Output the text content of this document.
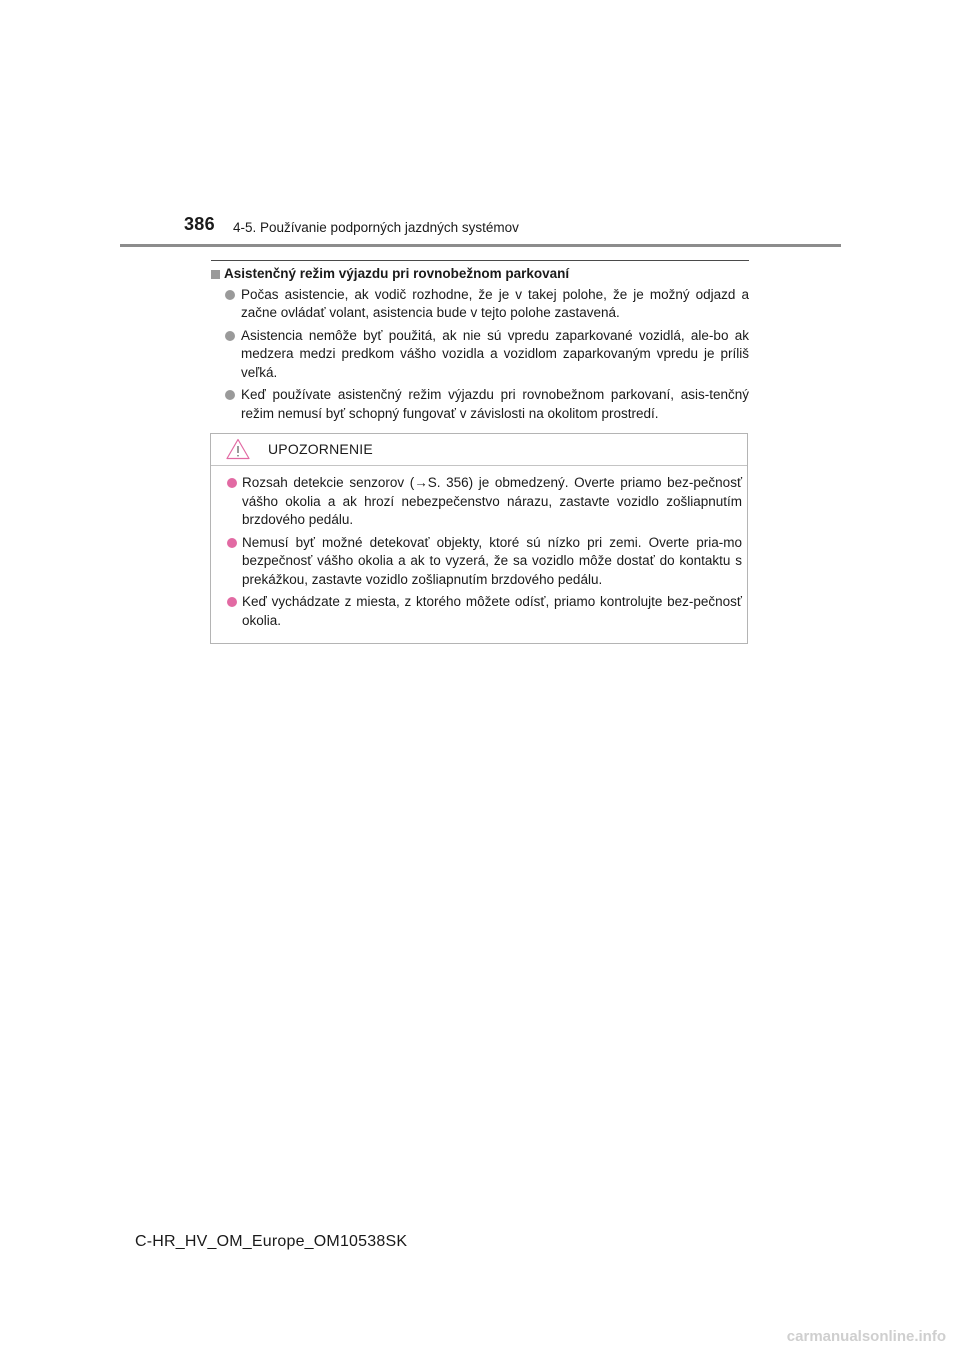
386 4-5. Používanie podporných jazdných systémov
Asistenčný režim výjazdu pri rovnobežnom parkovaní
Počas asistencie, ak vodič rozhodne, že je v takej polohe, že je možný odjazd a začne ovládať volant, asistencia bude v tejto polohe zastavená.
Asistencia nemôže byť použitá, ak nie sú vpredu zaparkované vozidlá, ale-bo ak medzera medzi predkom vášho vozidla a vozidlom zaparkovaným vpredu je príliš veľká.
Keď používate asistenčný režim výjazdu pri rovnobežnom parkovaní, asis-tenčný režim nemusí byť schopný fungovať v závislosti na okolitom prostredí.
UPOZORNENIE
Rozsah detekcie senzorov (→S. 356) je obmedzený. Overte priamo bez-pečnosť vášho okolia a ak hrozí nebezpečenstvo nárazu, zastavte vozidlo zošliapnutím brzdového pedálu.
Nemusí byť možné detekovať objekty, ktoré sú nízko pri zemi. Overte pria-mo bezpečnosť vášho okolia a ak to vyzerá, že sa vozidlo môže dostať do kontaktu s prekážkou, zastavte vozidlo zošliapnutím brzdového pedálu.
Keď vychádzate z miesta, z ktorého môžete odísť, priamo kontrolujte bez-pečnosť okolia.
C-HR_HV_OM_Europe_OM10538SK
carmanualsonline.info
